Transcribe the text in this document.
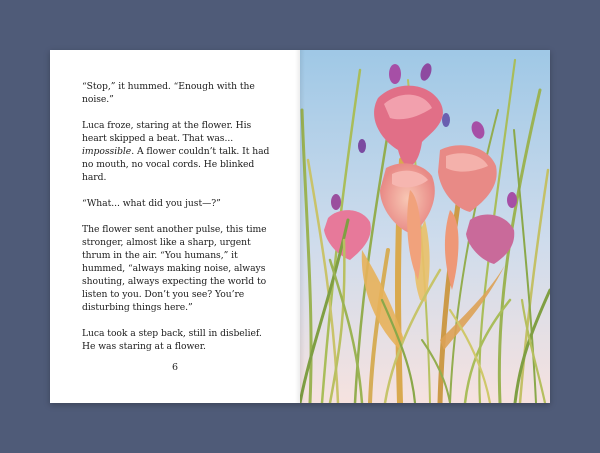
“Stop,” it hummed. “Enough with the noise.”

Luca froze, staring at the flower. His heart skipped a beat. That was... impossible. A flower couldn’t talk. It had no mouth, no vocal cords. He blinked hard.

“What... what did you just—?”

The flower sent another pulse, this time stronger, almost like a sharp, urgent thrum in the air. “You humans,” it hummed, “always making noise, always shouting, always expecting the world to listen to you. Don’t you see? You’re disturbing things here.”

Luca took a step back, still in disbelief. He was staring at a flower.

6
